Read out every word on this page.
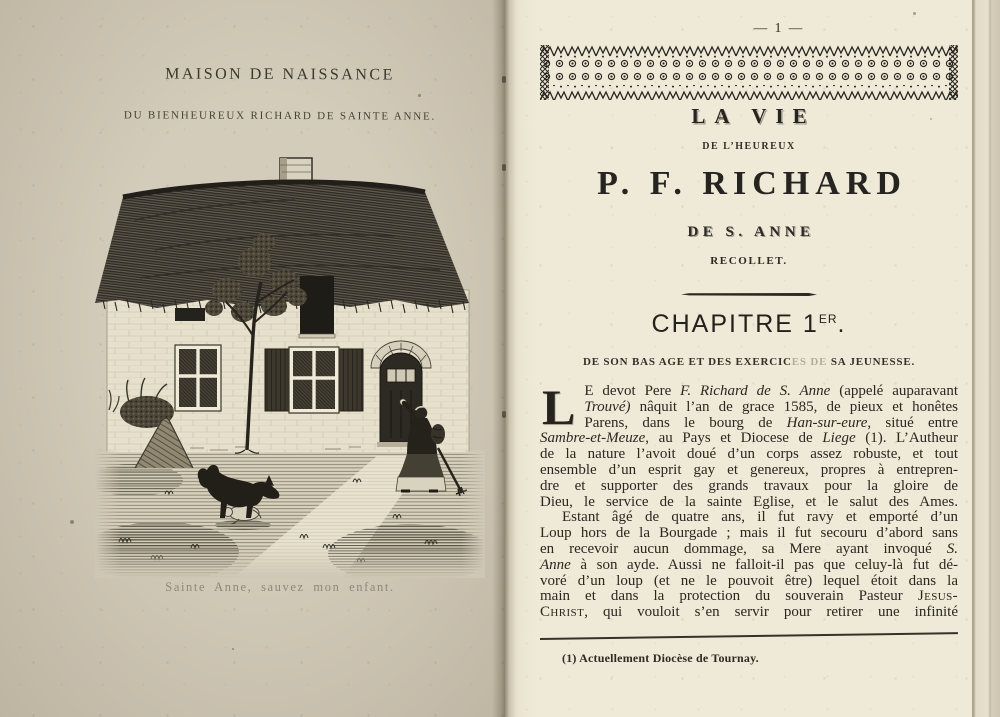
MAISON DE NAISSANCE
DU BIENHEUREUX RICHARD DE SAINTE ANNE.
Sainte Anne, sauvez mon enfant.
— 1 —
LA VIE
DE L’HEUREUX
P. F. RICHARD
DE S. ANNE
RECOLLET.
CHAPITRE 1ER.
DE SON BAS AGE ET DES EXERCICES DE SA JEUNESSE.
L E devot Pere F. Richard de S. Anne (appelé auparavant
Trouvé) nâquit l’an de grace 1585, de pieux et honêtes
Parens, dans le bourg de Han-sur-eure, situé entre
Sambre-et-Meuze, au Pays et Diocese de Liege (1). L’Autheur
de la nature l’avoit doué d’un corps assez robuste, et tout
ensemble d’un esprit gay et genereux, propres à entrepren-
dre et supporter des grands travaux pour la gloire de
Dieu, le service de la sainte Eglise, et le salut des Ames.
Estant âgé de quatre ans, il fut ravy et emporté d’un
Loup hors de la Bourgade ; mais il fut secouru d’abord sans
en recevoir aucun dommage, sa Mere ayant invoqué S.
Anne à son ayde. Aussi ne falloit-il pas que celuy-là fut dé-
voré d’un loup (et ne le pouvoit être) lequel étoit dans la
main et dans la protection du souverain Pasteur Jesus-
Christ, qui vouloit s’en servir pour retirer une infinité
(1) Actuellement Diocèse de Tournay.
